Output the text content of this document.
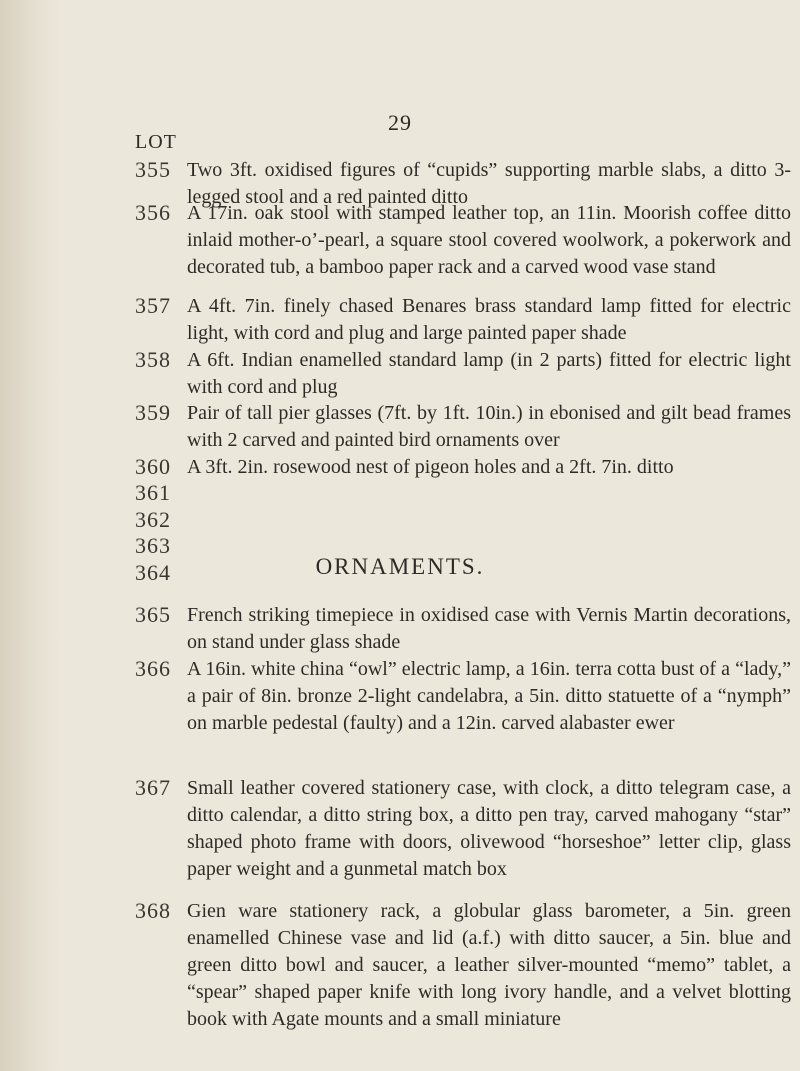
29
LOT
355 Two 3ft. oxidised figures of “cupids” supporting marble slabs, a ditto 3-legged stool and a red painted ditto
356 A 17in. oak stool with stamped leather top, an 11in. Moorish coffee ditto inlaid mother-o’-pearl, a square stool covered woolwork, a pokerwork and decorated tub, a bamboo paper rack and a carved wood vase stand
357 A 4ft. 7in. finely chased Benares brass standard lamp fitted for electric light, with cord and plug and large painted paper shade
358 A 6ft. Indian enamelled standard lamp (in 2 parts) fitted for electric light with cord and plug
359 Pair of tall pier glasses (7ft. by 1ft. 10in.) in ebonised and gilt bead frames with 2 carved and painted bird ornaments over
360 A 3ft. 2in. rosewood nest of pigeon holes and a 2ft. 7in. ditto
361
362
363
364	ORNAMENTS.
365 French striking timepiece in oxidised case with Vernis Martin decorations, on stand under glass shade
366 A 16in. white china “owl” electric lamp, a 16in. terra cotta bust of a “lady,” a pair of 8in. bronze 2-light candelabra, a 5in. ditto statuette of a “nymph” on marble pedestal (faulty) and a 12in. carved alabaster ewer
367 Small leather covered stationery case, with clock, a ditto telegram case, a ditto calendar, a ditto string box, a ditto pen tray, carved mahogany “star” shaped photo frame with doors, olivewood “horseshoe” letter clip, glass paper weight and a gunmetal match box
368 Gien ware stationery rack, a globular glass barometer, a 5in. green enamelled Chinese vase and lid (a.f.) with ditto saucer, a 5in. blue and green ditto bowl and saucer, a leather silver-mounted “memo” tablet, a “spear” shaped paper knife with long ivory handle, and a velvet blotting book with Agate mounts and a small miniature
